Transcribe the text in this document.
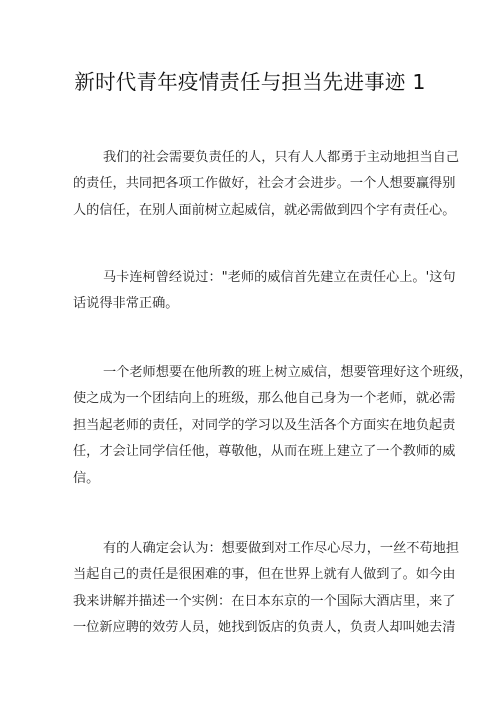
新时代青年疫情责任与担当先进事迹 1
我们的社会需要负责任的人，只有人人都勇于主动地担当自己
的责任，共同把各项工作做好，社会才会进步。一个人想要赢得别
人的信任，在别人面前树立起威信，就必需做到四个字有责任心。
马卡连柯曾经说过："老师的威信首先建立在责任心上。'这句
话说得非常正确。
一个老师想要在他所教的班上树立威信，想要管理好这个班级，
使之成为一个团结向上的班级，那么他自己身为一个老师，就必需
担当起老师的责任，对同学的学习以及生活各个方面实在地负起责
任，才会让同学信任他，尊敬他，从而在班上建立了一个教师的威
信。
有的人确定会认为：想要做到对工作尽心尽力，一丝不苟地担
当起自己的责任是很困难的事，但在世界上就有人做到了。如今由
我来讲解并描述一个实例：在日本东京的一个国际大酒店里，来了
一位新应聘的效劳人员，她找到饭店的负责人，负责人却叫她去清
